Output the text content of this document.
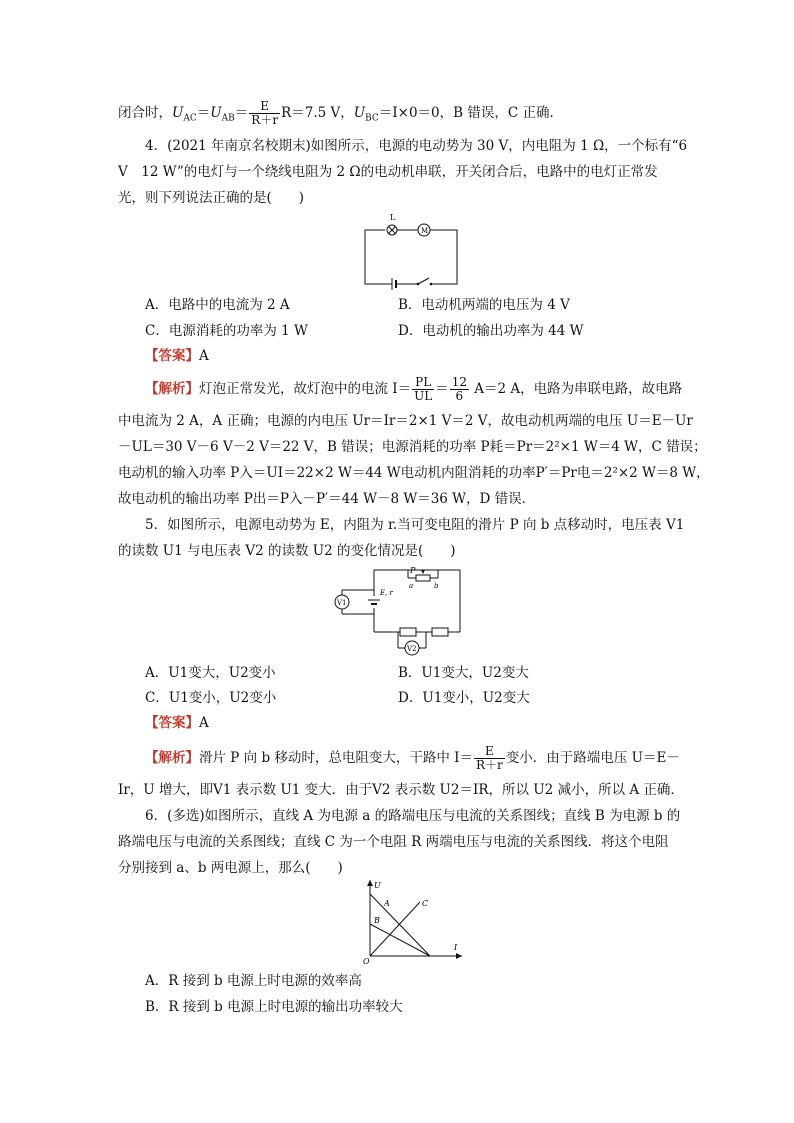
闭合时，$U_{AC}=U_{AB}= \frac{E}{R+r} R=7.5$ V，$U_{BC}=I\times 0=0$，B 错误，C 正确．
4．(2021 年南京名校期末)如图所示，电源的电动势为 30 V，内电阻为 1 Ω，一个标有“6
V　12 W”的电灯与一个绕线电阻为 2 Ω的电动机串联，开关闭合后，电路中的电灯正常发
光，则下列说法正确的是(　　)
L
M
A．电路中的电流为 2 A	B．电动机两端的电压为 4 V
C．电源消耗的功率为 1 W	D．电动机的输出功率为 44 W
【答案】A
【解析】灯泡正常发光，故灯泡中的电流 $I= \frac{PL}{UL} = \frac{12}{6} A=2$ A，电路为串联电路，故电路
中电流为 2 A，A 正确；电源的内电压 Ur＝Ir＝2×1 V＝2 V，故电动机两端的电压 U＝E－Ur
－UL＝30 V－6 V－2 V＝22 V，B 错误；电源消耗的功率 P耗＝Pr＝2²×1 W＝4 W，C 错误；
电动机的输入功率 P入＝UI＝22×2 W＝44 W电动机内阻消耗的功率P′＝Pr电＝2²×2 W＝8 W，
故电动机的输出功率 P出＝P入－P′＝44 W－8 W＝36 W，D 错误．
5．如图所示，电源电动势为 E，内阻为 r.当可变电阻的滑片 P 向 b 点移动时，电压表 V1
的读数 U1 与电压表 V2 的读数 U2 的变化情况是(　　)
P
a	b
E, r
V1
V2
A．U1变大，U2变小	B．U1变大，U2变大
C．U1变小，U2变小	D．U1变小，U2变大
【答案】A
【解析】滑片 P 向 b 移动时，总电阻变大，干路中 $I= \frac{E}{R+r}$ 变小．由于路端电压 U＝E－
Ir，U 增大，即V1 表示数 U1 变大．由于V2 表示数 U2＝IR，所以 U2 减小，所以 A 正确．
6．(多选)如图所示，直线 A 为电源 a 的路端电压与电流的关系图线；直线 B 为电源 b 的
路端电压与电流的关系图线；直线 C 为一个电阻 R 两端电压与电流的关系图线．将这个电阻
分别接到 a、b 两电源上，那么(　　)
U
I
O
A
B
C
A．R 接到 b 电源上时电源的效率高
B．R 接到 b 电源上时电源的输出功率较大
